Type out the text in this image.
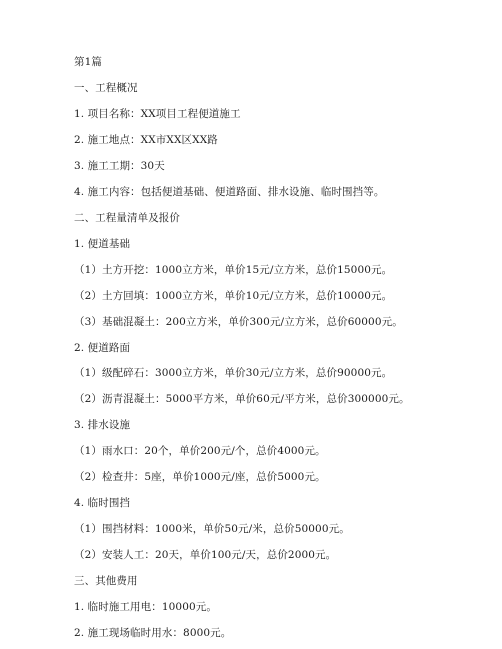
第1篇
一、工程概况
1. 项目名称：XX项目工程便道施工
2. 施工地点：XX市XX区XX路
3. 施工工期：30天
4. 施工内容：包括便道基础、便道路面、排水设施、临时围挡等。
二、工程量清单及报价
1. 便道基础
（1）土方开挖：1000立方米，单价15元/立方米，总价15000元。
（2）土方回填：1000立方米，单价10元/立方米，总价10000元。
（3）基础混凝土：200立方米，单价300元/立方米，总价60000元。
2. 便道路面
（1）级配碎石：3000立方米，单价30元/立方米，总价90000元。
（2）沥青混凝土：5000平方米，单价60元/平方米，总价300000元。
3. 排水设施
（1）雨水口：20个，单价200元/个，总价4000元。
（2）检查井：5座，单价1000元/座，总价5000元。
4. 临时围挡
（1）围挡材料：1000米，单价50元/米，总价50000元。
（2）安装人工：20天，单价100元/天，总价2000元。
三、其他费用
1. 临时施工用电：10000元。
2. 施工现场临时用水：8000元。
